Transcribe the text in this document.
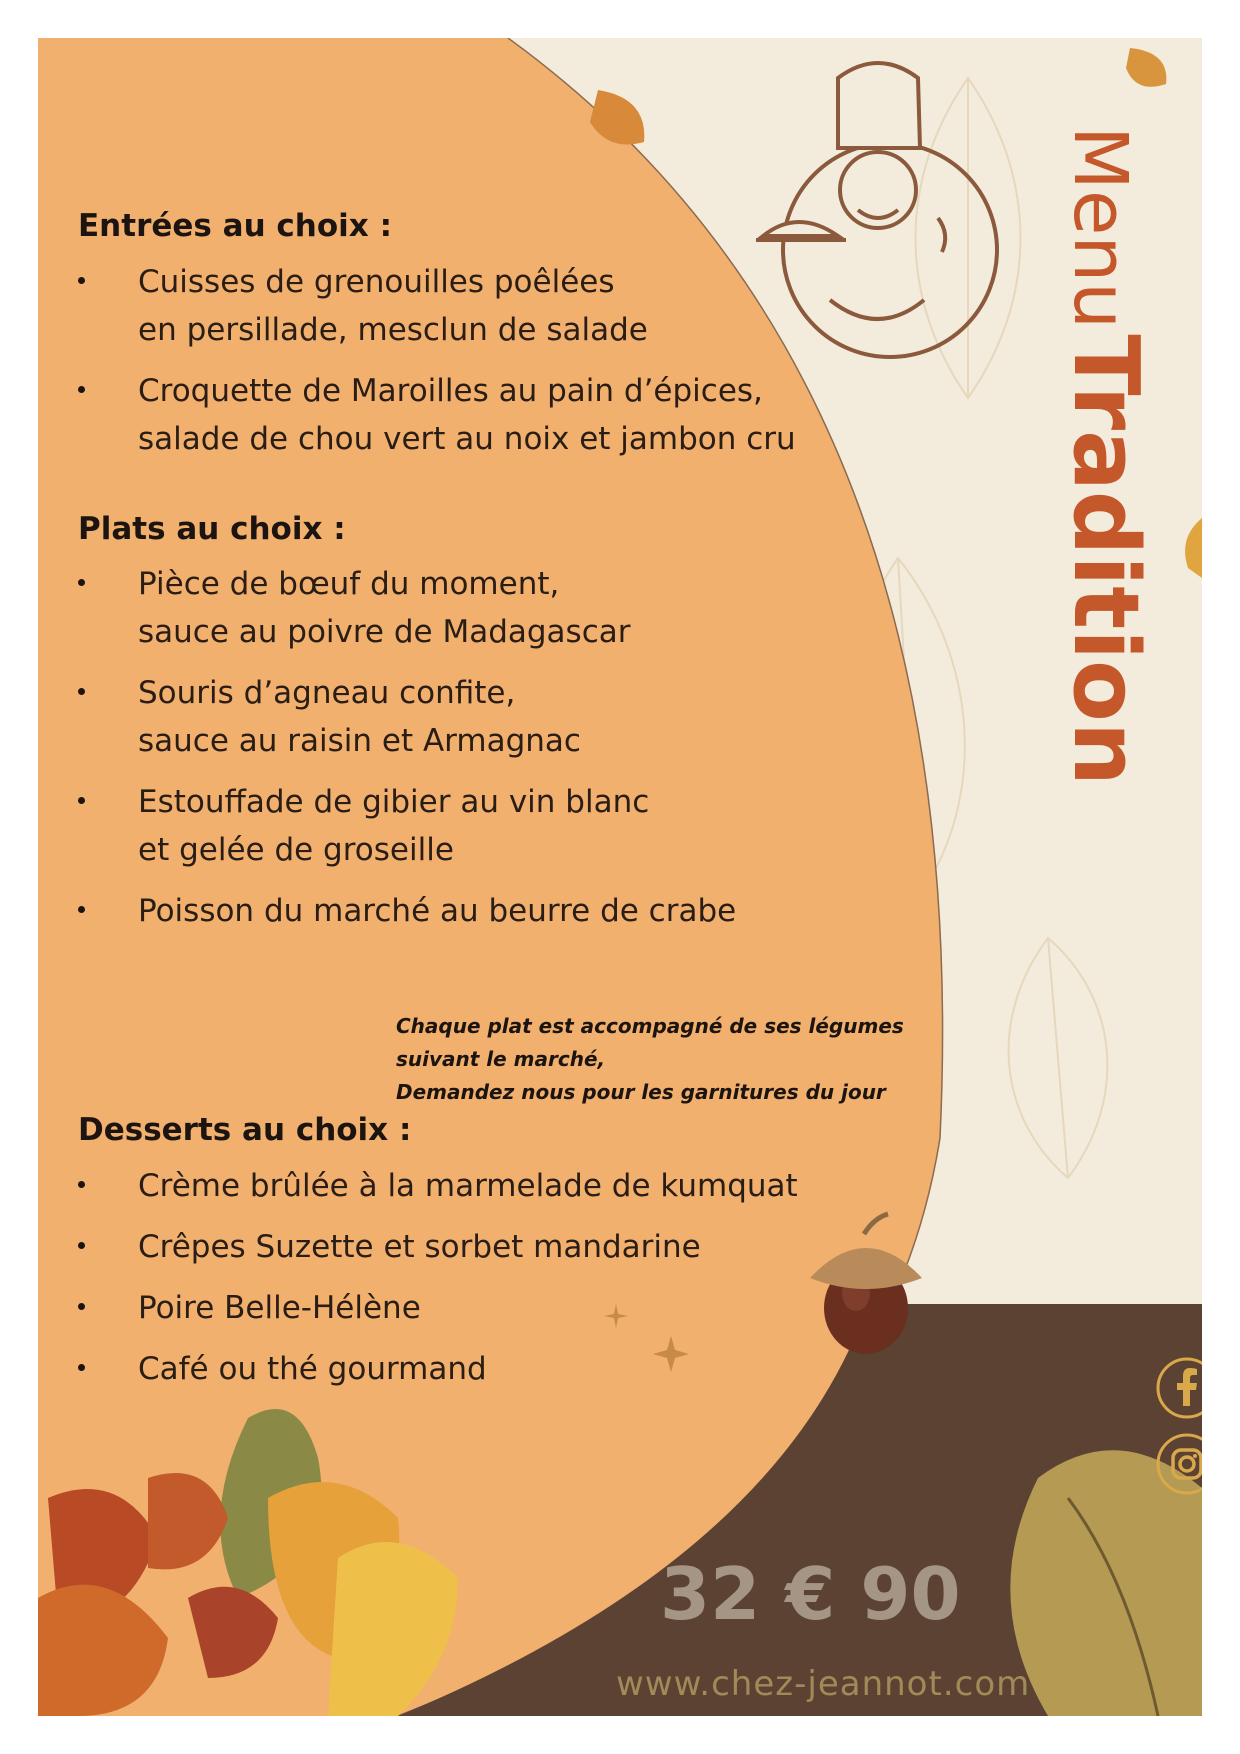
Entrées au choix :
Cuisses de grenouilles poêlées
en persillade, mesclun de salade
Croquette de Maroilles au pain d’épices,
salade de chou vert au noix et jambon cru
Plats au choix :
Pièce de bœuf du moment,
sauce au poivre de Madagascar
Souris d’agneau confite,
sauce au raisin et Armagnac
Estouffade de gibier au vin blanc
et gelée de groseille
Poisson du marché au beurre de crabe
Chaque plat est accompagné de ses légumes
suivant le marché,
Demandez nous pour les garnitures du jour
Desserts au choix :
Crème brûlée à la marmelade de kumquat
Crêpes Suzette et sorbet mandarine
Poire Belle-Hélène
Café ou thé gourmand
Menu Tradition
32 € 90
www.chez-jeannot.com
